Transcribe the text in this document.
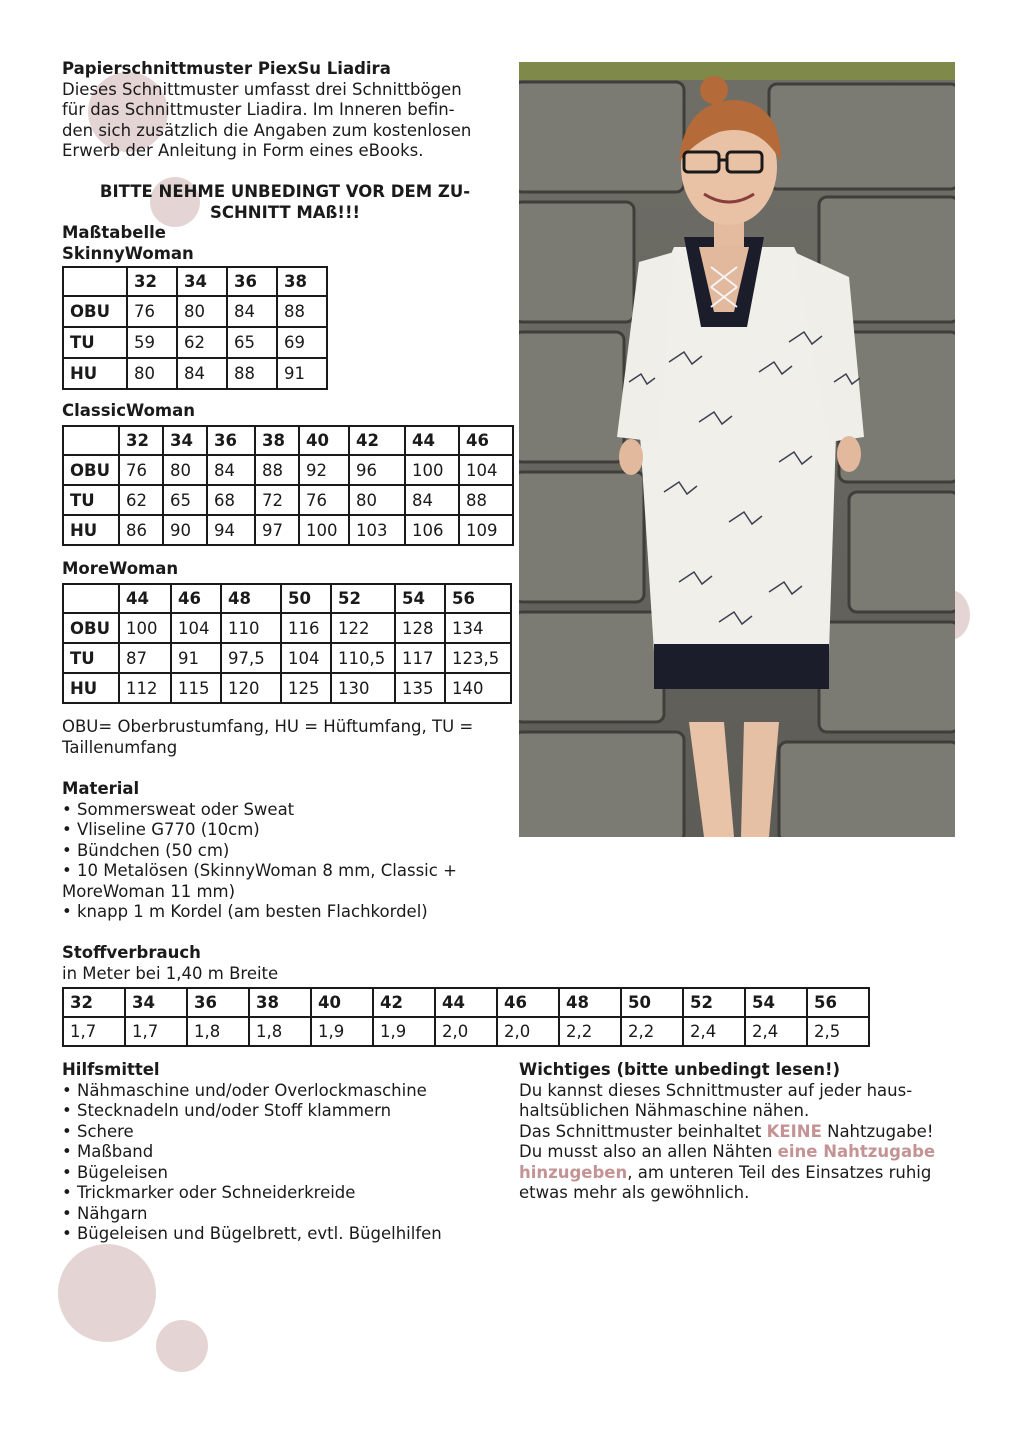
Papierschnittmuster PiexSu Liadira
Dieses Schnittmuster umfasst drei Schnittbögen
für das Schnittmuster Liadira. Im Inneren befin-
den sich zusätzlich die Angaben zum kostenlosen
Erwerb der Anleitung in Form eines eBooks.
BITTE NEHME UNBEDINGT VOR DEM ZU-
SCHNITT MAß!!!
Maßtabelle
SkinnyWoman
	32	34	36	38
OBU	76	80	84	88
TU	59	62	65	69
HU	80	84	88	91
ClassicWoman
	32	34	36	38	40	42	44	46
OBU	76	80	84	88	92	96	100	104
TU	62	65	68	72	76	80	84	88
HU	86	90	94	97	100	103	106	109
MoreWoman
	44	46	48	50	52	54	56
OBU	100	104	110	116	122	128	134
TU	87	91	97,5	104	110,5	117	123,5
HU	112	115	120	125	130	135	140
OBU= Oberbrustumfang, HU = Hüftumfang, TU =
Taillenumfang
Material
• Sommersweat oder Sweat
• Vliseline G770 (10cm)
• Bündchen (50 cm)
• 10 Metalösen (SkinnyWoman 8 mm, Classic +
MoreWoman 11 mm)
• knapp 1 m Kordel (am besten Flachkordel)
Stoffverbrauch
in Meter bei 1,40 m Breite
32	34	36	38	40	42	44	46	48	50	52	54	56
1,7	1,7	1,8	1,8	1,9	1,9	2,0	2,0	2,2	2,2	2,4	2,4	2,5
Hilfsmittel
• Nähmaschine und/oder Overlockmaschine
• Stecknadeln und/oder Stoff klammern
• Schere
• Maßband
• Bügeleisen
• Trickmarker oder Schneiderkreide
• Nähgarn
• Bügeleisen und Bügelbrett, evtl. Bügelhilfen
Wichtiges (bitte unbedingt lesen!)
Du kannst dieses Schnittmuster auf jeder haus-
haltsüblichen Nähmaschine nähen.
Das Schnittmuster beinhaltet KEINE Nahtzugabe!
Du musst also an allen Nähten eine Nahtzugabe
hinzugeben, am unteren Teil des Einsatzes ruhig
etwas mehr als gewöhnlich.
